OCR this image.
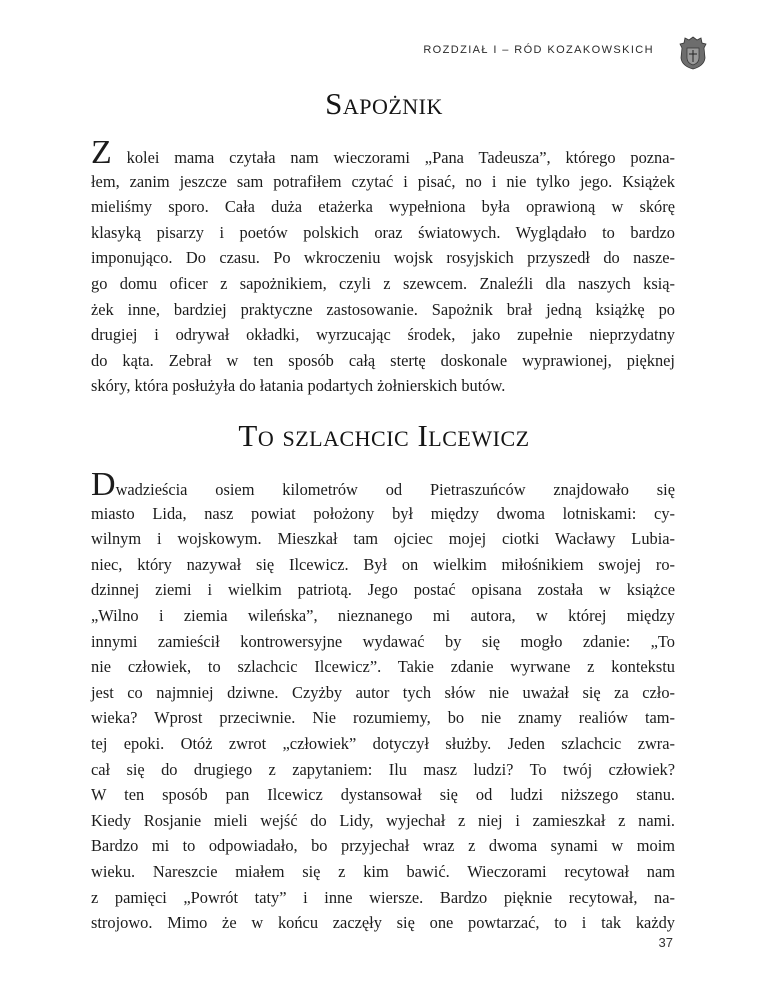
ROZDZIAŁ I – RÓD KOZAKOWSKICH
Sapożnik
Z kolei mama czytała nam wieczorami „Pana Tadeusza”, którego pozna-
łem, zanim jeszcze sam potrafiłem czytać i pisać, no i nie tylko jego. Książek
mieliśmy sporo. Cała duża etażerka wypełniona była oprawioną w skórę
klasyką pisarzy i poetów polskich oraz światowych. Wyglądało to bardzo
imponująco. Do czasu. Po wkroczeniu wojsk rosyjskich przyszedł do nasze-
go domu oficer z sapożnikiem, czyli z szewcem. Znaleźli dla naszych ksią-
żek inne, bardziej praktyczne zastosowanie. Sapożnik brał jedną książkę po
drugiej i odrywał okładki, wyrzucając środek, jako zupełnie nieprzydatny
do kąta. Zebrał w ten sposób całą stertę doskonale wyprawionej, pięknej
skóry, która posłużyła do łatania podartych żołnierskich butów.
To szlachcic Ilcewicz
Dwadzieścia osiem kilometrów od Pietraszuńców znajdowało się
miasto Lida, nasz powiat położony był między dwoma lotniskami: cy-
wilnym i wojskowym. Mieszkał tam ojciec mojej ciotki Wacławy Lubia-
niec, który nazywał się Ilcewicz. Był on wielkim miłośnikiem swojej ro-
dzinnej ziemi i wielkim patriotą. Jego postać opisana została w książce
„Wilno i ziemia wileńska”, nieznanego mi autora, w której między
innymi zamieścił kontrowersyjne wydawać by się mogło zdanie: „To
nie człowiek, to szlachcic Ilcewicz”. Takie zdanie wyrwane z kontekstu
jest co najmniej dziwne. Czyżby autor tych słów nie uważał się za czło-
wieka? Wprost przeciwnie. Nie rozumiemy, bo nie znamy realiów tam-
tej epoki. Otóż zwrot „człowiek” dotyczył służby. Jeden szlachcic zwra-
cał się do drugiego z zapytaniem: Ilu masz ludzi? To twój człowiek?
W ten sposób pan Ilcewicz dystansował się od ludzi niższego stanu.
Kiedy Rosjanie mieli wejść do Lidy, wyjechał z niej i zamieszkał z nami.
Bardzo mi to odpowiadało, bo przyjechał wraz z dwoma synami w moim
wieku. Nareszcie miałem się z kim bawić. Wieczorami recytował nam
z pamięci „Powrót taty” i inne wiersze. Bardzo pięknie recytował, na-
strojowo. Mimo że w końcu zaczęły się one powtarzać, to i tak każdy
37
